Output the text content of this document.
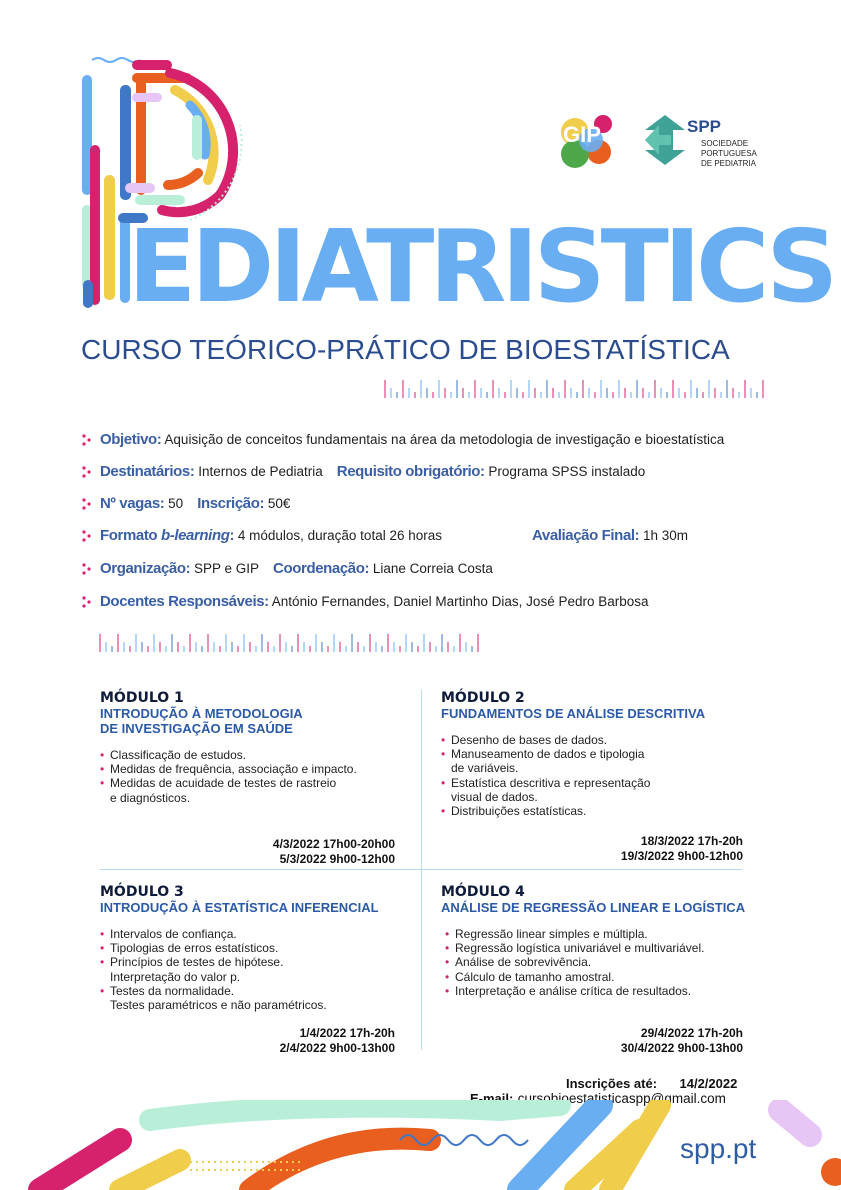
GIP	SPP
SOCIEDADE
PORTUGUESA
DE PEDIATRIA
EDIATRISTICS
CURSO TEÓRICO-PRÁTICO DE BIOESTATÍSTICA
Objetivo: Aquisição de conceitos fundamentais na área da metodologia de investigação e bioestatística
Destinatários: Internos de Pediatria Requisito obrigatório: Programa SPSS instalado
Nº vagas: 50 Inscrição: 50€
Formato b-learning: 4 módulos, duração total 26 horas	Avaliação Final: 1h 30m
Organização: SPP e GIP Coordenação: Liane Correia Costa
Docentes Responsáveis: António Fernandes, Daniel Martinho Dias, José Pedro Barbosa
MÓDULO 1
INTRODUÇÃO À METODOLOGIA
DE INVESTIGAÇÃO EM SAÚDE
• Classificação de estudos.
• Medidas de frequência, associação e impacto.
• Medidas de acuidade de testes de rastreio
e diagnósticos.
4/3/2022 17h00-20h00
5/3/2022 9h00-12h00
MÓDULO 2
FUNDAMENTOS DE ANÁLISE DESCRITIVA
• Desenho de bases de dados.
• Manuseamento de dados e tipologia
de variáveis.
• Estatística descritiva e representação
visual de dados.
• Distribuições estatísticas.
18/3/2022 17h-20h
19/3/2022 9h00-12h00
MÓDULO 3
INTRODUÇÃO À ESTATÍSTICA INFERENCIAL
• Intervalos de confiança.
• Tipologias de erros estatísticos.
• Princípios de testes de hipótese.
Interpretação do valor p.
• Testes da normalidade.
Testes paramétricos e não paramétricos.
1/4/2022 17h-20h
2/4/2022 9h00-13h00
MÓDULO 4
ANÁLISE DE REGRESSÃO LINEAR E LOGÍSTICA
• Regressão linear simples e múltipla.
• Regressão logística univariável e multivariável.
• Análise de sobrevivência.
• Cálculo de tamanho amostral.
• Interpretação e análise crítica de resultados.
29/4/2022 17h-20h
30/4/2022 9h00-13h00
Inscrições até: 14/2/2022
E-mail: cursobioestatisticaspp@gmail.com
spp.pt
